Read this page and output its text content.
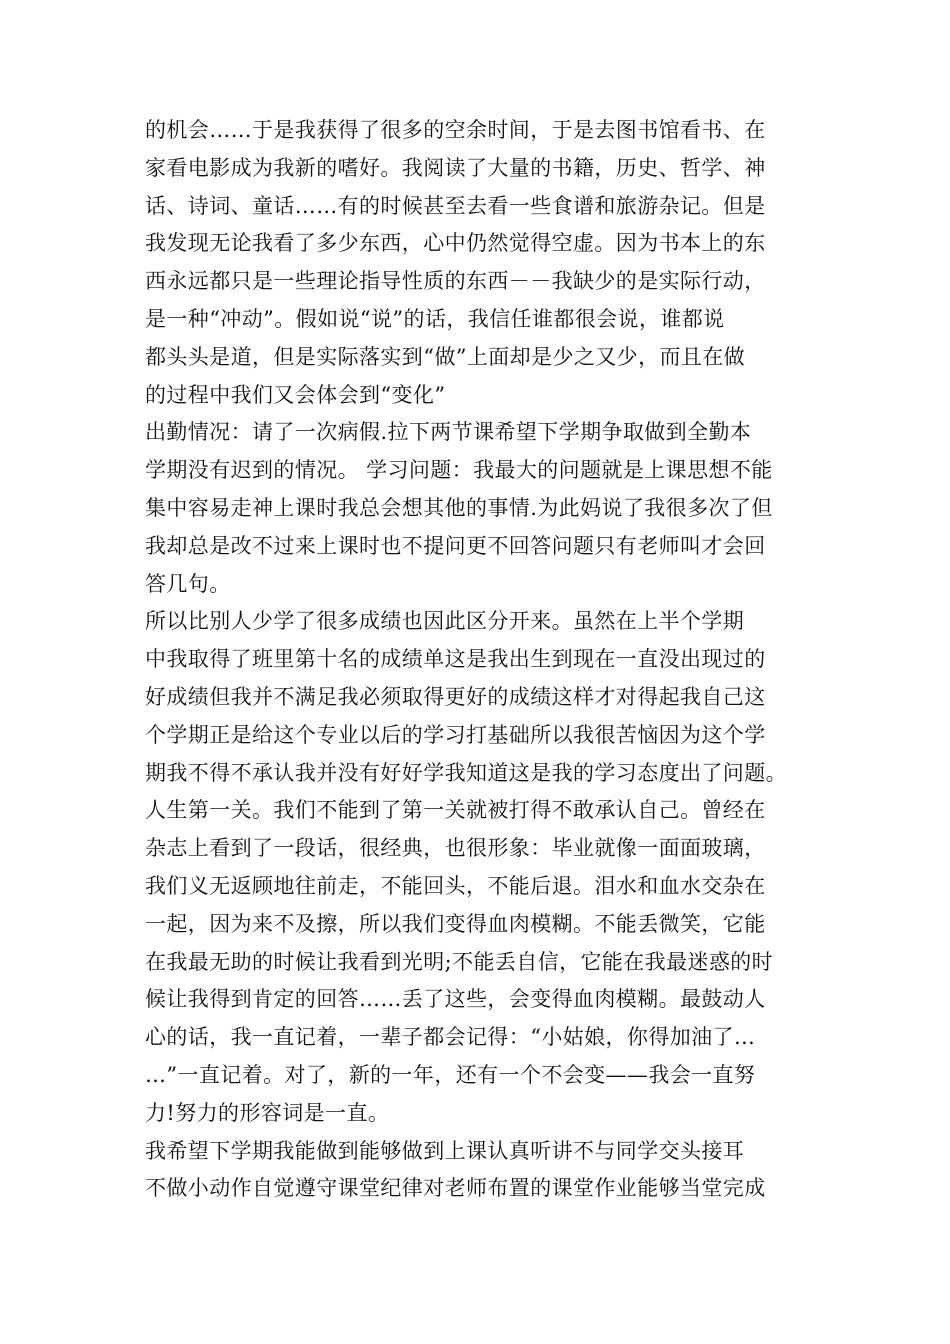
的机会……于是我获得了很多的空余时间，于是去图书馆看书、在
家看电影成为我新的嗜好。我阅读了大量的书籍，历史、哲学、神
话、诗词、童话……有的时候甚至去看一些食谱和旅游杂记。但是
我发现无论我看了多少东西，心中仍然觉得空虚。因为书本上的东
西永远都只是一些理论指导性质的东西－－我缺少的是实际行动，
是一种“冲动”。假如说“说”的话，我信任谁都很会说，谁都说
都头头是道，但是实际落实到“做”上面却是少之又少，而且在做
的过程中我们又会体会到“变化”
出勤情况：请了一次病假.拉下两节课希望下学期争取做到全勤本
学期没有迟到的情况。 学习问题：我最大的问题就是上课思想不能
集中容易走神上课时我总会想其他的事情.为此妈说了我很多次了但
我却总是改不过来上课时也不提问更不回答问题只有老师叫才会回
答几句。
所以比别人少学了很多成绩也因此区分开来。虽然在上半个学期
中我取得了班里第十名的成绩单这是我出生到现在一直没出现过的
好成绩但我并不满足我必须取得更好的成绩这样才对得起我自己这
个学期正是给这个专业以后的学习打基础所以我很苦恼因为这个学
期我不得不承认我并没有好好学我知道这是我的学习态度出了问题。
人生第一关。我们不能到了第一关就被打得不敢承认自己。曾经在
杂志上看到了一段话，很经典，也很形象：毕业就像一面面玻璃，
我们义无返顾地往前走，不能回头，不能后退。泪水和血水交杂在
一起，因为来不及擦，所以我们变得血肉模糊。不能丢微笑，它能
在我最无助的时候让我看到光明;不能丢自信，它能在我最迷惑的时
候让我得到肯定的回答……丢了这些，会变得血肉模糊。最鼓动人
心的话，我一直记着，一辈子都会记得：“小姑娘，你得加油了…
…”一直记着。对了，新的一年，还有一个不会变——我会一直努
力!努力的形容词是一直。
我希望下学期我能做到能够做到上课认真听讲不与同学交头接耳
不做小动作自觉遵守课堂纪律对老师布置的课堂作业能够当堂完成
